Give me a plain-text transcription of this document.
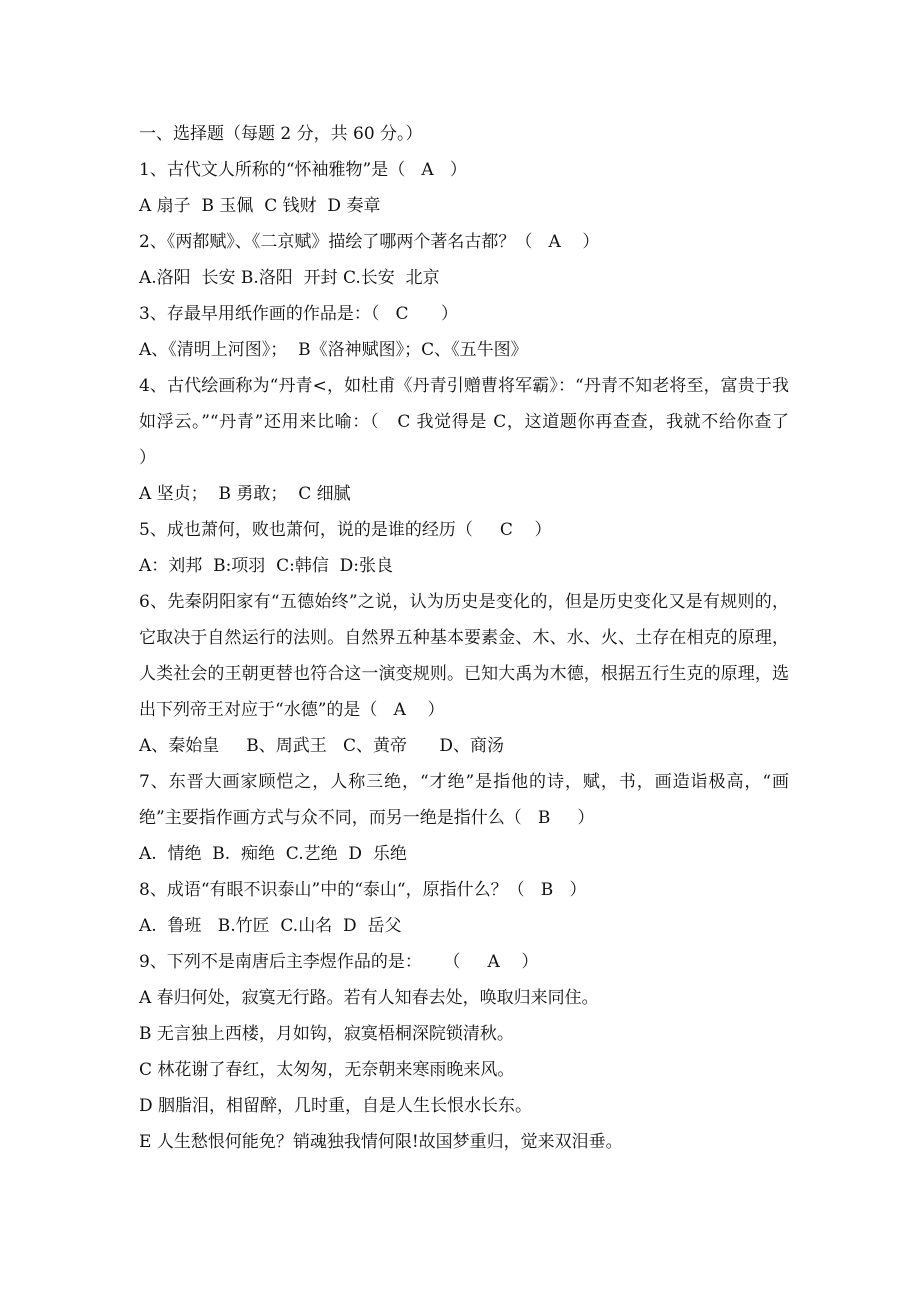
一、选择题（每题 2 分，共 60 分。）

1、古代文人所称的“怀袖雅物”是（   A   ）

A 扇子  B 玉佩  C 钱财  D 奏章

2、《两都赋》、《二京赋》描绘了哪两个著名古都？（   A    ）

A.洛阳  长安 B.洛阳  开封 C.长安  北京

3、存最早用纸作画的作品是：（   C      ）

A、《清明上河图》；  B《洛神赋图》；C、《五牛图》

4、古代绘画称为“丹青<，如杜甫《丹青引赠曹将军霸》：“丹青不知老将至，富贵于我如浮云。”“丹青”还用来比喻：（   C 我觉得是 C，这道题你再查查，我就不给你查了      ）

A 坚贞；  B 勇敢；  C 细腻

5、成也萧何，败也萧何，说的是谁的经历（     C    ）

A：刘邦  B:项羽  C:韩信  D:张良

6、先秦阴阳家有“五德始终”之说，认为历史是变化的，但是历史变化又是有规则的，它取决于自然运行的法则。自然界五种基本要素金、木、水、火、土存在相克的原理，人类社会的王朝更替也符合这一演变规则。已知大禹为木德，根据五行生克的原理，选出下列帝王对应于“水德”的是（   A    ）

A、秦始皇     B、周武王   C、黄帝      D、商汤

7、东晋大画家顾恺之，人称三绝，“才绝”是指他的诗，赋，书，画造诣极高，“画绝”主要指作画方式与众不同，而另一绝是指什么（   B     ）

A.  情绝  B.  痴绝  C.艺绝  D  乐绝

8、成语“有眼不识泰山”中的“泰山“，原指什么？（   B   ）

A.  鲁班   B.竹匠  C.山名  D  岳父

9、下列不是南唐后主李煜作品的是：    （     A    ）

A 春归何处，寂寞无行路。若有人知春去处，唤取归来同住。

B 无言独上西楼，月如钩，寂寞梧桐深院锁清秋。

C 林花谢了春红，太匆匆，无奈朝来寒雨晚来风。

D 胭脂泪，相留醉，几时重，自是人生长恨水长东。

E 人生愁恨何能免？销魂独我情何限!故国梦重归，觉来双泪垂。
